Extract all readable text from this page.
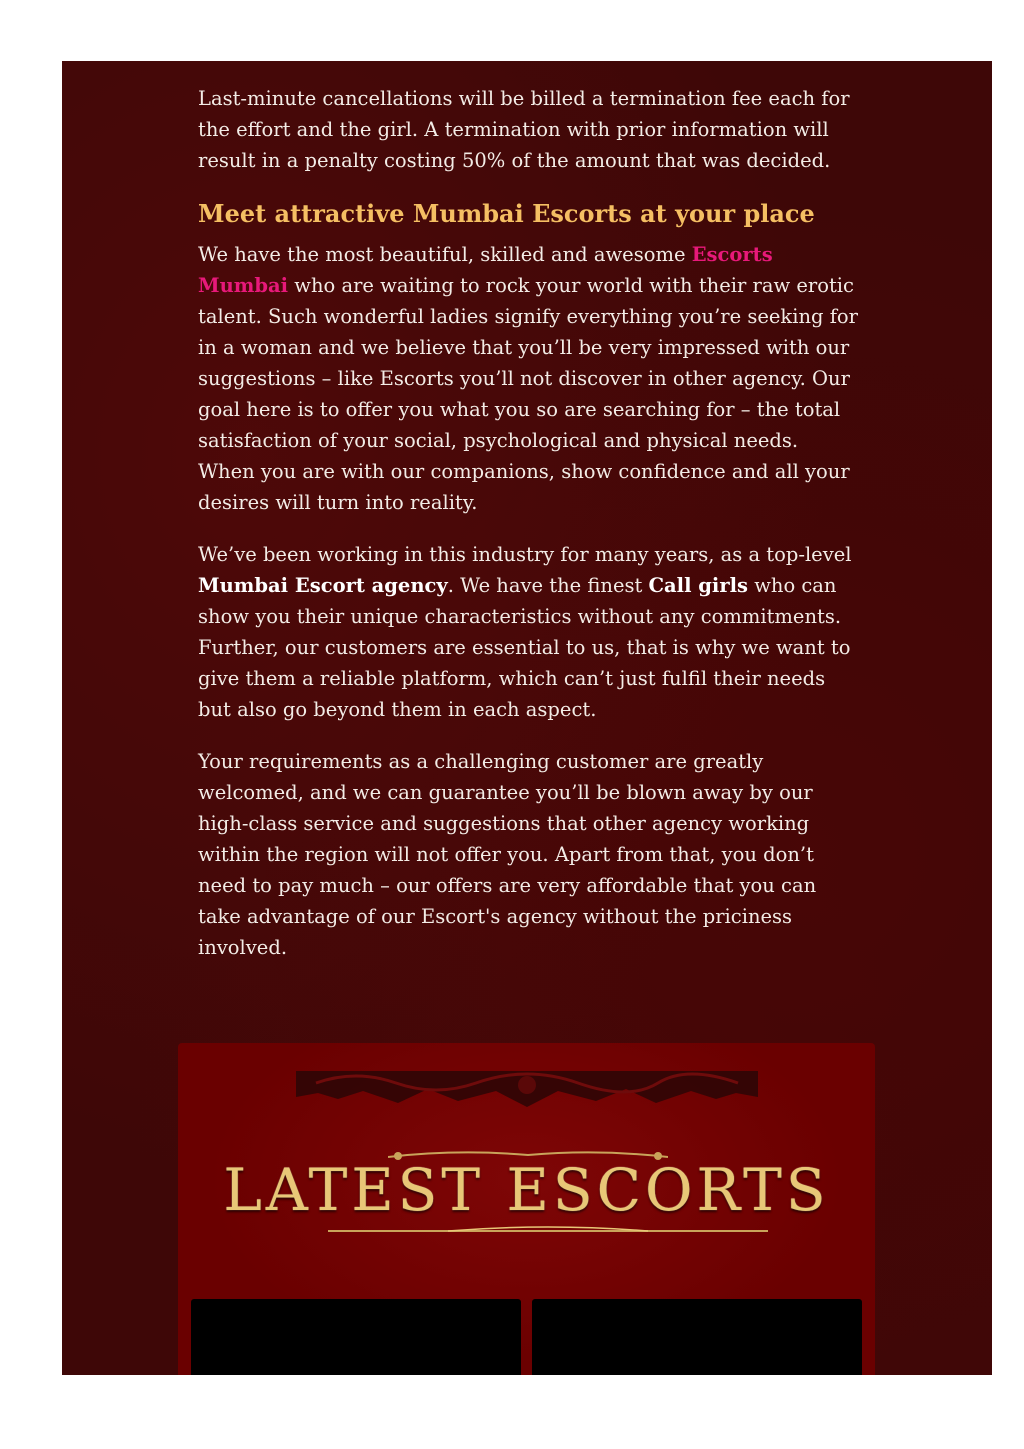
Last-minute cancellations will be billed a termination fee each for the effort and the girl. A termination with prior information will result in a penalty costing 50% of the amount that was decided.

Meet attractive Mumbai Escorts at your place

We have the most beautiful, skilled and awesome Escorts Mumbai who are waiting to rock your world with their raw erotic talent. Such wonderful ladies signify everything you’re seeking for in a woman and we believe that you’ll be very impressed with our suggestions – like Escorts you’ll not discover in other agency. Our goal here is to offer you what you so are searching for – the total satisfaction of your social, psychological and physical needs. When you are with our companions, show confidence and all your desires will turn into reality.

We’ve been working in this industry for many years, as a top-level Mumbai Escort agency. We have the finest Call girls who can show you their unique characteristics without any commitments. Further, our customers are essential to us, that is why we want to give them a reliable platform, which can’t just fulfil their needs but also go beyond them in each aspect.

Your requirements as a challenging customer are greatly welcomed, and we can guarantee you’ll be blown away by our high-class service and suggestions that other agency working within the region will not offer you. Apart from that, you don’t need to pay much – our offers are very affordable that you can take advantage of our Escort's agency without the priciness involved.

LATEST ESCORTS
